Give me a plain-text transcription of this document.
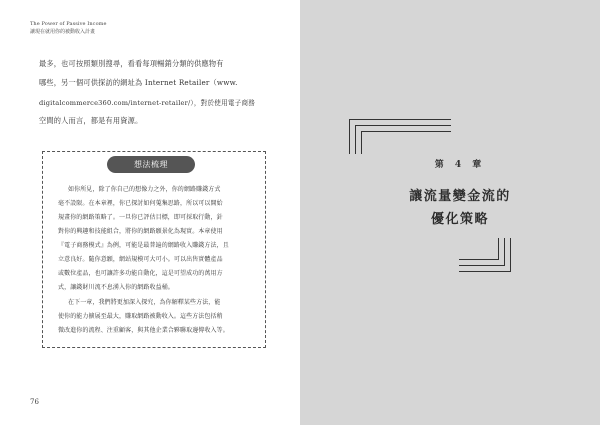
The Power of Passive Income
讓現在就用你的被動收入計畫
最多，也可按照類別搜尋，看看每項暢銷分類的供應物有
哪些，另一個可供探訪的網址為 Internet Retailer（www.
digitalcommerce360.com/internet-retailer/），對於使用電子商務
空間的人而言，都是有用資源。
想法梳理
如你所見，除了你自己的想像力之外，你的網路賺錢方式
毫不設限。在本章裡，你已探討如何蒐集思路，所以可以開始
規畫你的網路策略了。一旦你已評估目標，即可採取行動，針
對你的興趣和技能組合，將你的網路願景化為現實。本章使用
『電子商務模式』為例，可能是最普遍的網路收入賺錢方法，且
立意良好。隨你意願，網站規模可大可小。可以出售實體產品
或數位產品，也可讓許多功能自動化，這是可望成功的萬用方
式，讓錢財川流不息湧入你的網路收益桶。
在下一章，我們將更加深入探究，為你解釋某些方法，能
使你的能力擴展至最大，賺取網路被動收入。這些方法包括稍
微改進你的流程、注重顧客，與其他企業合夥聯取邊傳收入等。
76
第 4 章
讓流量變金流的
優化策略
